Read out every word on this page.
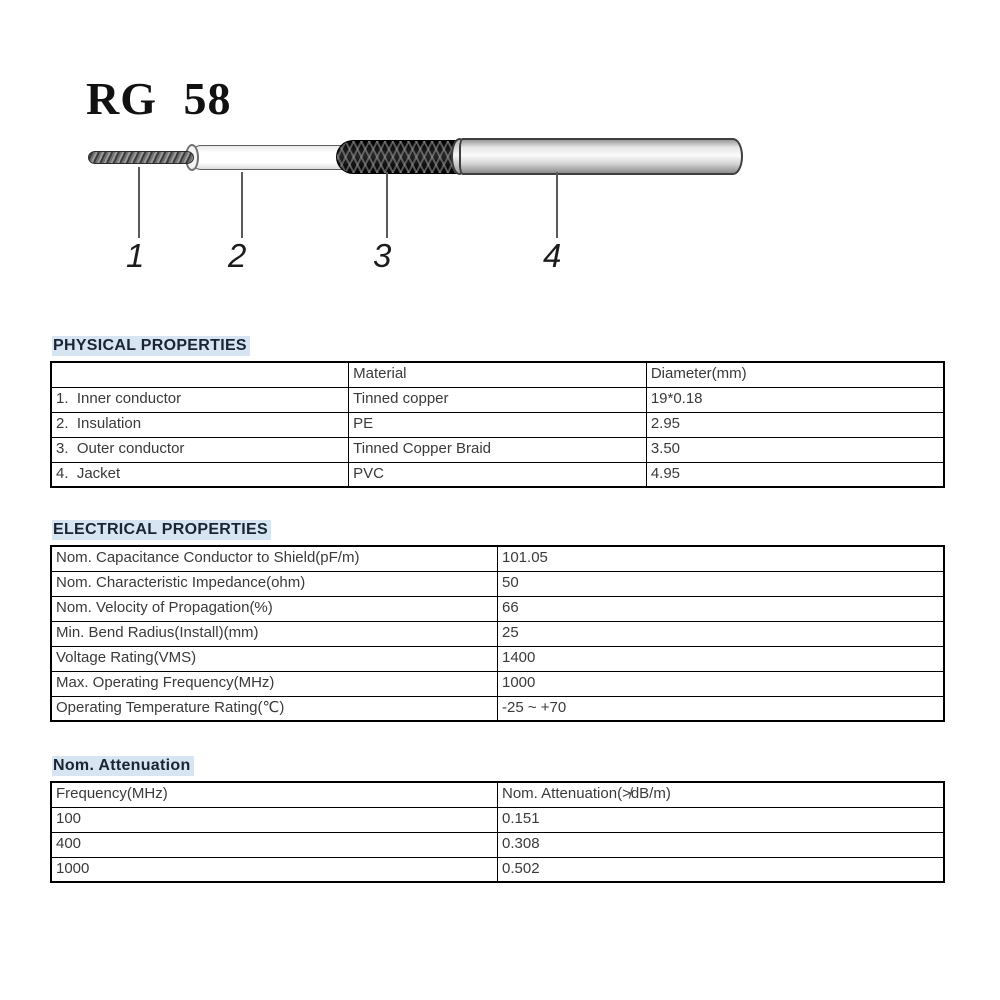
RG 58
1	2	3	4
PHYSICAL PROPERTIES
	Material	Diameter(mm)
1.  Inner conductor	Tinned copper	19*0.18
2.  Insulation	PE	2.95
3.  Outer conductor	Tinned Copper Braid	3.50
4.  Jacket	PVC	4.95
ELECTRICAL PROPERTIES
Nom. Capacitance Conductor to Shield(pF/m)	101.05
Nom. Characteristic Impedance(ohm)	50
Nom. Velocity of Propagation(%)	66
Min. Bend Radius(Install)(mm)	25
Voltage Rating(VMS)	1400
Max. Operating Frequency(MHz)	1000
Operating Temperature Rating(℃)	-25 ~ +70
Nom. Attenuation
Frequency(MHz)	Nom. Attenuation(≯dB/m)
100	0.151
400	0.308
1000	0.502
